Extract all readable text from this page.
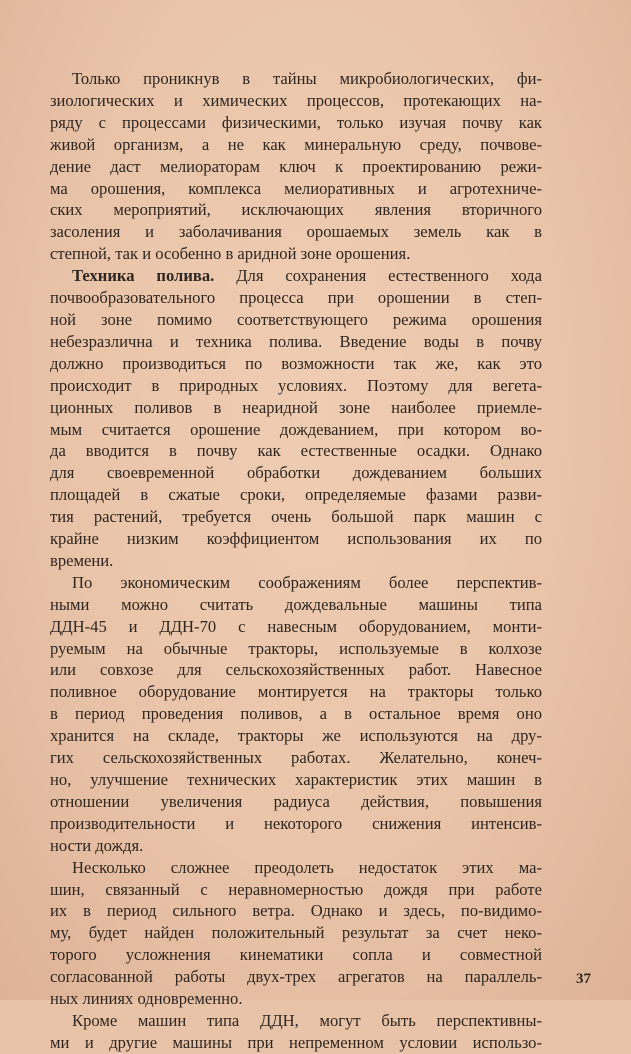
Только проникнув в тайны микробиологических, фи-
зиологических и химических процессов, протекающих на-
ряду с процессами физическими, только изучая почву как
живой организм, а не как минеральную среду, почвове-
дение даст мелиораторам ключ к проектированию режи-
ма орошения, комплекса мелиоративных и агротехниче-
ских мероприятий, исключающих явления вторичного
засоления и заболачивания орошаемых земель как в
степной, так и особенно в аридной зоне орошения.
Техника полива. Для сохранения естественного хода
почвообразовательного процесса при орошении в степ-
ной зоне помимо соответствующего режима орошения
небезразлична и техника полива. Введение воды в почву
должно производиться по возможности так же, как это
происходит в природных условиях. Поэтому для вегета-
ционных поливов в неаридной зоне наиболее приемле-
мым считается орошение дождеванием, при котором во-
да вводится в почву как естественные осадки. Однако
для своевременной обработки дождеванием больших
площадей в сжатые сроки, определяемые фазами разви-
тия растений, требуется очень большой парк машин с
крайне низким коэффициентом использования их по
времени.
По экономическим соображениям более перспектив-
ными можно считать дождевальные машины типа
ДДН-45 и ДДН-70 с навесным оборудованием, монти-
руемым на обычные тракторы, используемые в колхозе
или совхозе для сельскохозяйственных работ. Навесное
поливное оборудование монтируется на тракторы только
в период проведения поливов, а в остальное время оно
хранится на складе, тракторы же используются на дру-
гих сельскохозяйственных работах. Желательно, конеч-
но, улучшение технических характеристик этих машин в
отношении увеличения радиуса действия, повышения
производительности и некоторого снижения интенсив-
ности дождя.
Несколько сложнее преодолеть недостаток этих ма-
шин, связанный с неравномерностью дождя при работе
их в период сильного ветра. Однако и здесь, по-видимо-
му, будет найден положительный результат за счет неко-
торого усложнения кинематики сопла и совместной
согласованной работы двух-трех агрегатов на параллель-
ных линиях одновременно.
Кроме машин типа ДДН, могут быть перспективны-
ми и другие машины при непременном условии использо-
37
